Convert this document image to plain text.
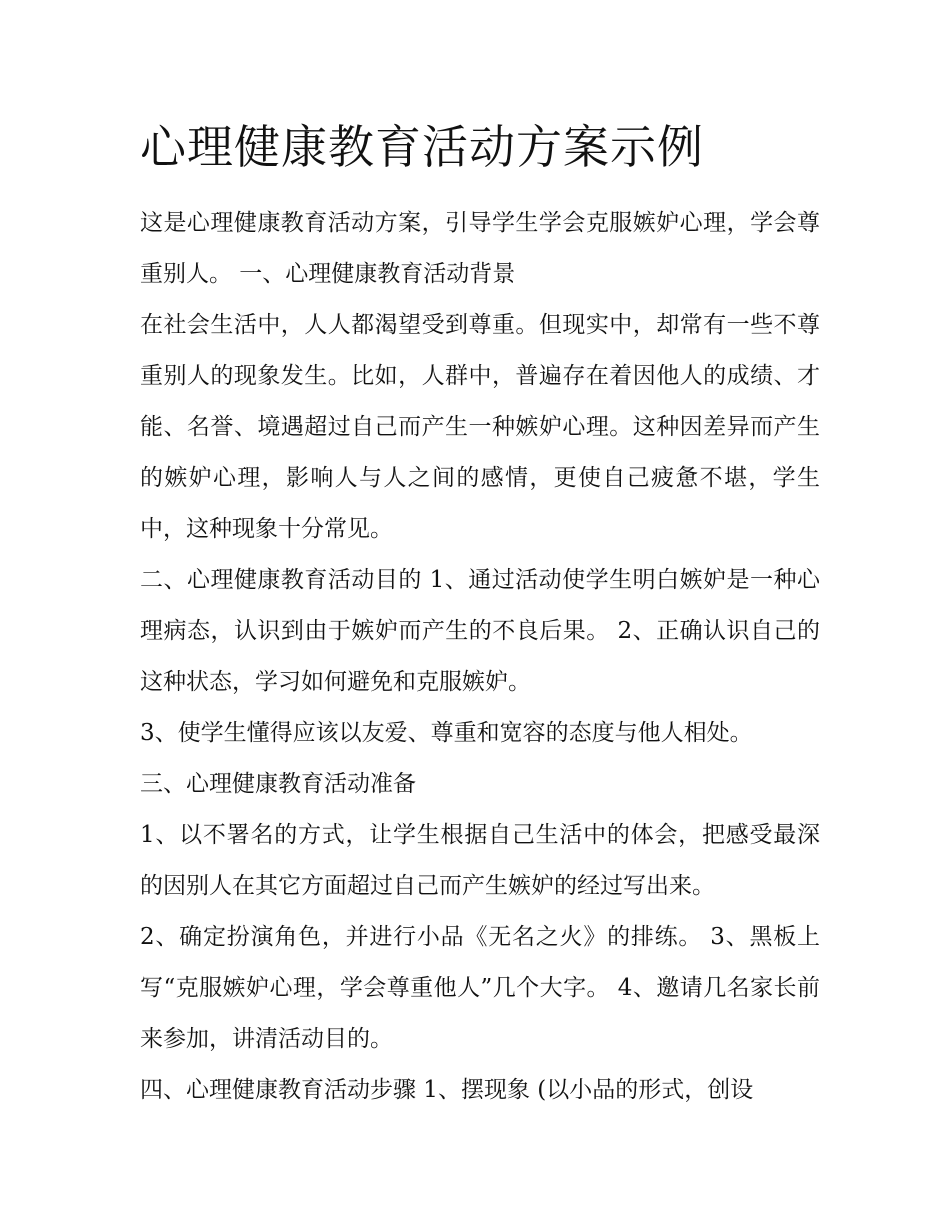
心理健康教育活动方案示例

这是心理健康教育活动方案，引导学生学会克服嫉妒心理，学会尊重别人。 一、心理健康教育活动背景

在社会生活中，人人都渴望受到尊重。但现实中，却常有一些不尊重别人的现象发生。比如，人群中，普遍存在着因他人的成绩、才能、名誉、境遇超过自己而产生一种嫉妒心理。这种因差异而产生的嫉妒心理，影响人与人之间的感情，更使自己疲惫不堪，学生中，这种现象十分常见。

二、心理健康教育活动目的 1、通过活动使学生明白嫉妒是一种心理病态，认识到由于嫉妒而产生的不良后果。 2、正确认识自己的这种状态，学习如何避免和克服嫉妒。

3、使学生懂得应该以友爱、尊重和宽容的态度与他人相处。

三、心理健康教育活动准备

1、以不署名的方式，让学生根据自己生活中的体会，把感受最深的因别人在其它方面超过自己而产生嫉妒的经过写出来。

2、确定扮演角色，并进行小品《无名之火》的排练。 3、黑板上写“克服嫉妒心理，学会尊重他人”几个大字。 4、邀请几名家长前来参加，讲清活动目的。

四、心理健康教育活动步骤 1、摆现象 (以小品的形式，创设
